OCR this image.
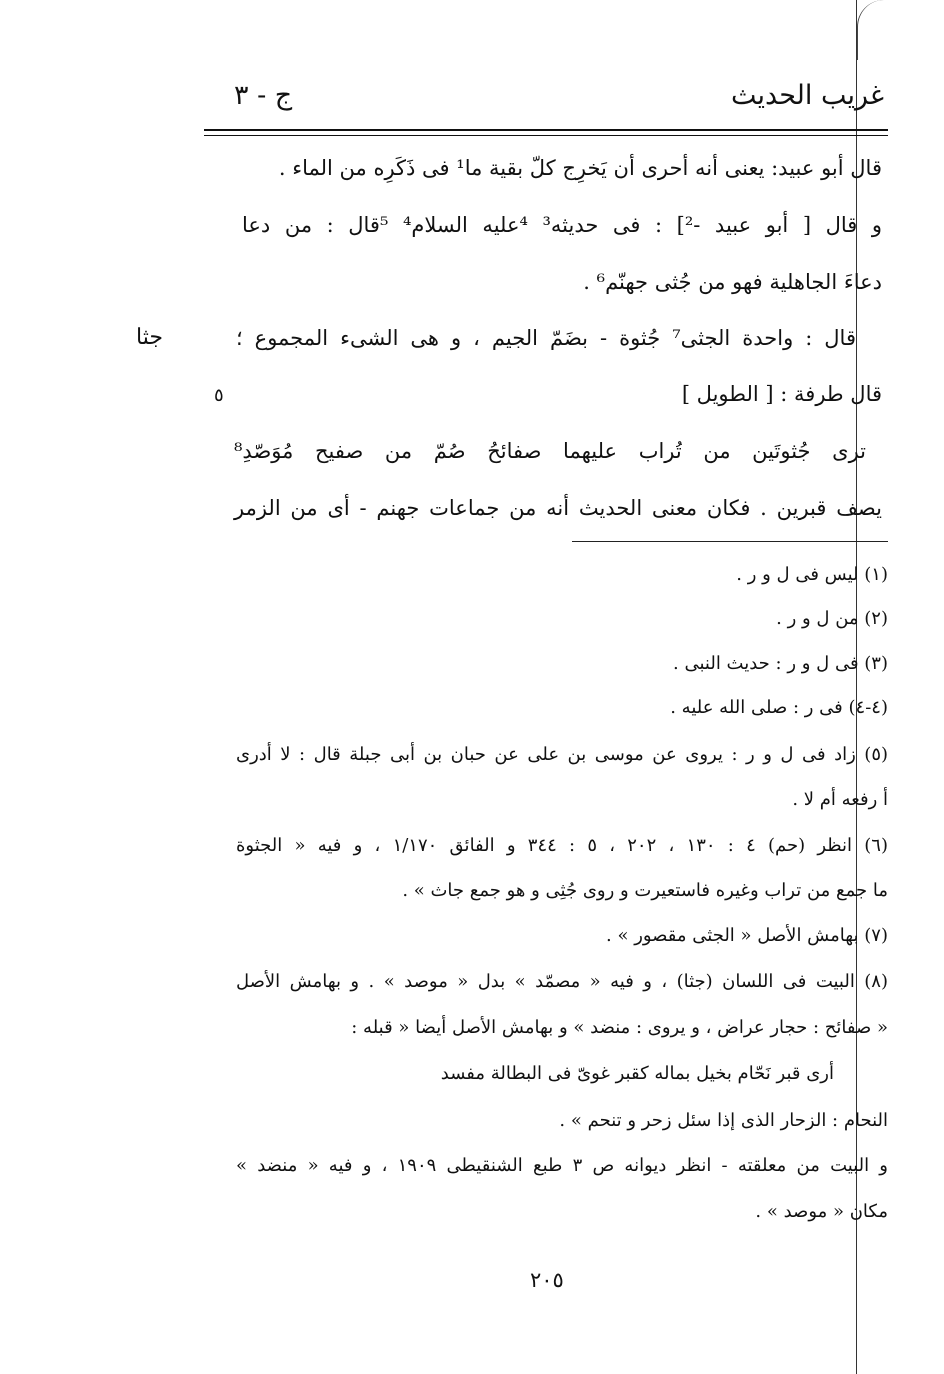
غريب الحديث
ج - ٣
قال أبو عبيد: يعنى أنه أحرى أن يَخرِج كلّ بقية ما¹ فى ذَكَرِه من الماء .
و قال [ أبو عبيد -²] : فى حديثه³ ⁴عليه السلام⁴ ⁵قال : من دعا
دعاءَ الجاهلية فهو من جُثى جهنّم⁶ .
قال : واحدة الجثى⁷ جُثوة - بضَمّ الجيم ، و هى الشىء المجموع ؛
جثا
قال طرفة : [ الطويل ]
٥
ترى جُثوتَين من تُراب عليهما صفائحُ صُمّ من صفيح مُوَصّدِ⁸
يصف قبرين . فكان معنى الحديث أنه من جماعات جهنم - أى من الزمر
(١) ليس فى ل و ر .
(٢) من ل و ر .
(٣) فى ل و ر : حديث النبى .
(٤-٤) فى ر : صلى الله عليه .
(٥) زاد فى ل و ر : يروى عن موسى بن على عن حبان بن أبى جبلة قال : لا أدرى
أ رفعه أم لا .
(٦) انظر (حم) ٤ : ١٣٠ ، ٢٠٢ ، ٥ : ٣٤٤ و الفائق ١/١٧٠ ، و فيه « الجثوة
ما جمع من تراب وغيره فاستعيرت و روى جُثِى و هو جمع جاث » .
(٧) بهامش الأصل « الجثى مقصور » .
(٨) البيت فى اللسان (جثا) ، و فيه « مصمّد » بدل « موصد » . و بهامش الأصل
« صفائح : حجار عراض ، و يروى : منضد » و بهامش الأصل أيضا « قبله :
أرى قبر نَحّام بخيل بماله كقبر غوىّ فى البطالة مفسد
النحام : الزحار الذى إذا سئل زحر و تنحم » .
و البيت من معلقته - انظر ديوانه ص ٣ طبع الشنقيطى ١٩٠٩ ، و فيه « منضد »
مكان « موصد » .
٢٠٥
